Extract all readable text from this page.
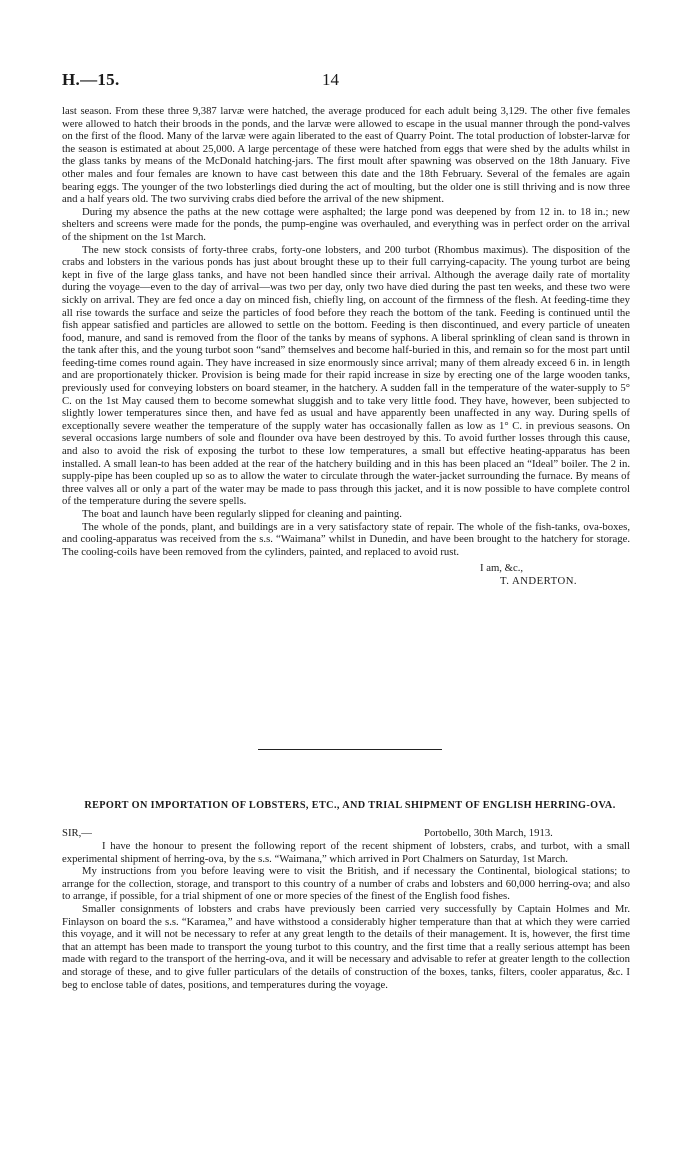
H.—15.	14

last season. From these three 9,387 larvæ were hatched, the average produced for each adult being 3,129. The other five females were allowed to hatch their broods in the ponds, and the larvæ were allowed to escape in the usual manner through the pond-valves on the first of the flood. Many of the larvæ were again liberated to the east of Quarry Point. The total production of lobster-larvæ for the season is estimated at about 25,000. A large percentage of these were hatched from eggs that were shed by the adults whilst in the glass tanks by means of the McDonald hatching-jars. The first moult after spawning was observed on the 18th January. Five other males and four females are known to have cast between this date and the 18th February. Several of the females are again bearing eggs. The younger of the two lobsterlings died during the act of moulting, but the older one is still thriving and is now three and a half years old. The two surviving crabs died before the arrival of the new shipment.

During my absence the paths at the new cottage were asphalted; the large pond was deepened by from 12 in. to 18 in.; new shelters and screens were made for the ponds, the pump-engine was overhauled, and everything was in perfect order on the arrival of the shipment on the 1st March.

The new stock consists of forty-three crabs, forty-one lobsters, and 200 turbot (Rhombus maximus). The disposition of the crabs and lobsters in the various ponds has just about brought these up to their full carrying-capacity. The young turbot are being kept in five of the large glass tanks, and have not been handled since their arrival. Although the average daily rate of mortality during the voyage—even to the day of arrival—was two per day, only two have died during the past ten weeks, and these two were sickly on arrival. They are fed once a day on minced fish, chiefly ling, on account of the firmness of the flesh. At feeding-time they all rise towards the surface and seize the particles of food before they reach the bottom of the tank. Feeding is continued until the fish appear satisfied and particles are allowed to settle on the bottom. Feeding is then discontinued, and every particle of uneaten food, manure, and sand is removed from the floor of the tanks by means of syphons. A liberal sprinkling of clean sand is thrown in the tank after this, and the young turbot soon “sand” themselves and become half-buried in this, and remain so for the most part until feeding-time comes round again. They have increased in size enormously since arrival; many of them already exceed 6 in. in length and are proportionately thicker. Provision is being made for their rapid increase in size by erecting one of the large wooden tanks, previously used for conveying lobsters on board steamer, in the hatchery. A sudden fall in the temperature of the water-supply to 5° C. on the 1st May caused them to become somewhat sluggish and to take very little food. They have, however, been subjected to slightly lower temperatures since then, and have fed as usual and have apparently been unaffected in any way. During spells of exceptionally severe weather the temperature of the supply water has occasionally fallen as low as 1° C. in previous seasons. On several occasions large numbers of sole and flounder ova have been destroyed by this. To avoid further losses through this cause, and also to avoid the risk of exposing the turbot to these low temperatures, a small but effective heating-apparatus has been installed. A small lean-to has been added at the rear of the hatchery building and in this has been placed an “Ideal” boiler. The 2 in. supply-pipe has been coupled up so as to allow the water to circulate through the water-jacket surrounding the furnace. By means of three valves all or only a part of the water may be made to pass through this jacket, and it is now possible to have complete control of the temperature during the severe spells.

The boat and launch have been regularly slipped for cleaning and painting.

The whole of the ponds, plant, and buildings are in a very satisfactory state of repair. The whole of the fish-tanks, ova-boxes, and cooling-apparatus was received from the s.s. “Waimana” whilst in Dunedin, and have been brought to the hatchery for storage. The cooling-coils have been removed from the cylinders, painted, and replaced to avoid rust.

I am, &c.,
T. ANDERTON.
REPORT ON IMPORTATION OF LOBSTERS, ETC., AND TRIAL SHIPMENT OF ENGLISH HERRING-OVA.
SIR,—	Portobello, 30th March, 1913.

I have the honour to present the following report of the recent shipment of lobsters, crabs, and turbot, with a small experimental shipment of herring-ova, by the s.s. “Waimana,” which arrived in Port Chalmers on Saturday, 1st March.

My instructions from you before leaving were to visit the British, and if necessary the Continental, biological stations; to arrange for the collection, storage, and transport to this country of a number of crabs and lobsters and 60,000 herring-ova; and also to arrange, if possible, for a trial shipment of one or more species of the finest of the English food fishes.

Smaller consignments of lobsters and crabs have previously been carried very successfully by Captain Holmes and Mr. Finlayson on board the s.s. “Karamea,” and have withstood a considerably higher temperature than that at which they were carried this voyage, and it will not be necessary to refer at any great length to the details of their management. It is, however, the first time that an attempt has been made to transport the young turbot to this country, and the first time that a really serious attempt has been made with regard to the transport of the herring-ova, and it will be necessary and advisable to refer at greater length to the collection and storage of these, and to give fuller particulars of the details of construction of the boxes, tanks, filters, cooler apparatus, &c. I beg to enclose table of dates, positions, and temperatures during the voyage.
